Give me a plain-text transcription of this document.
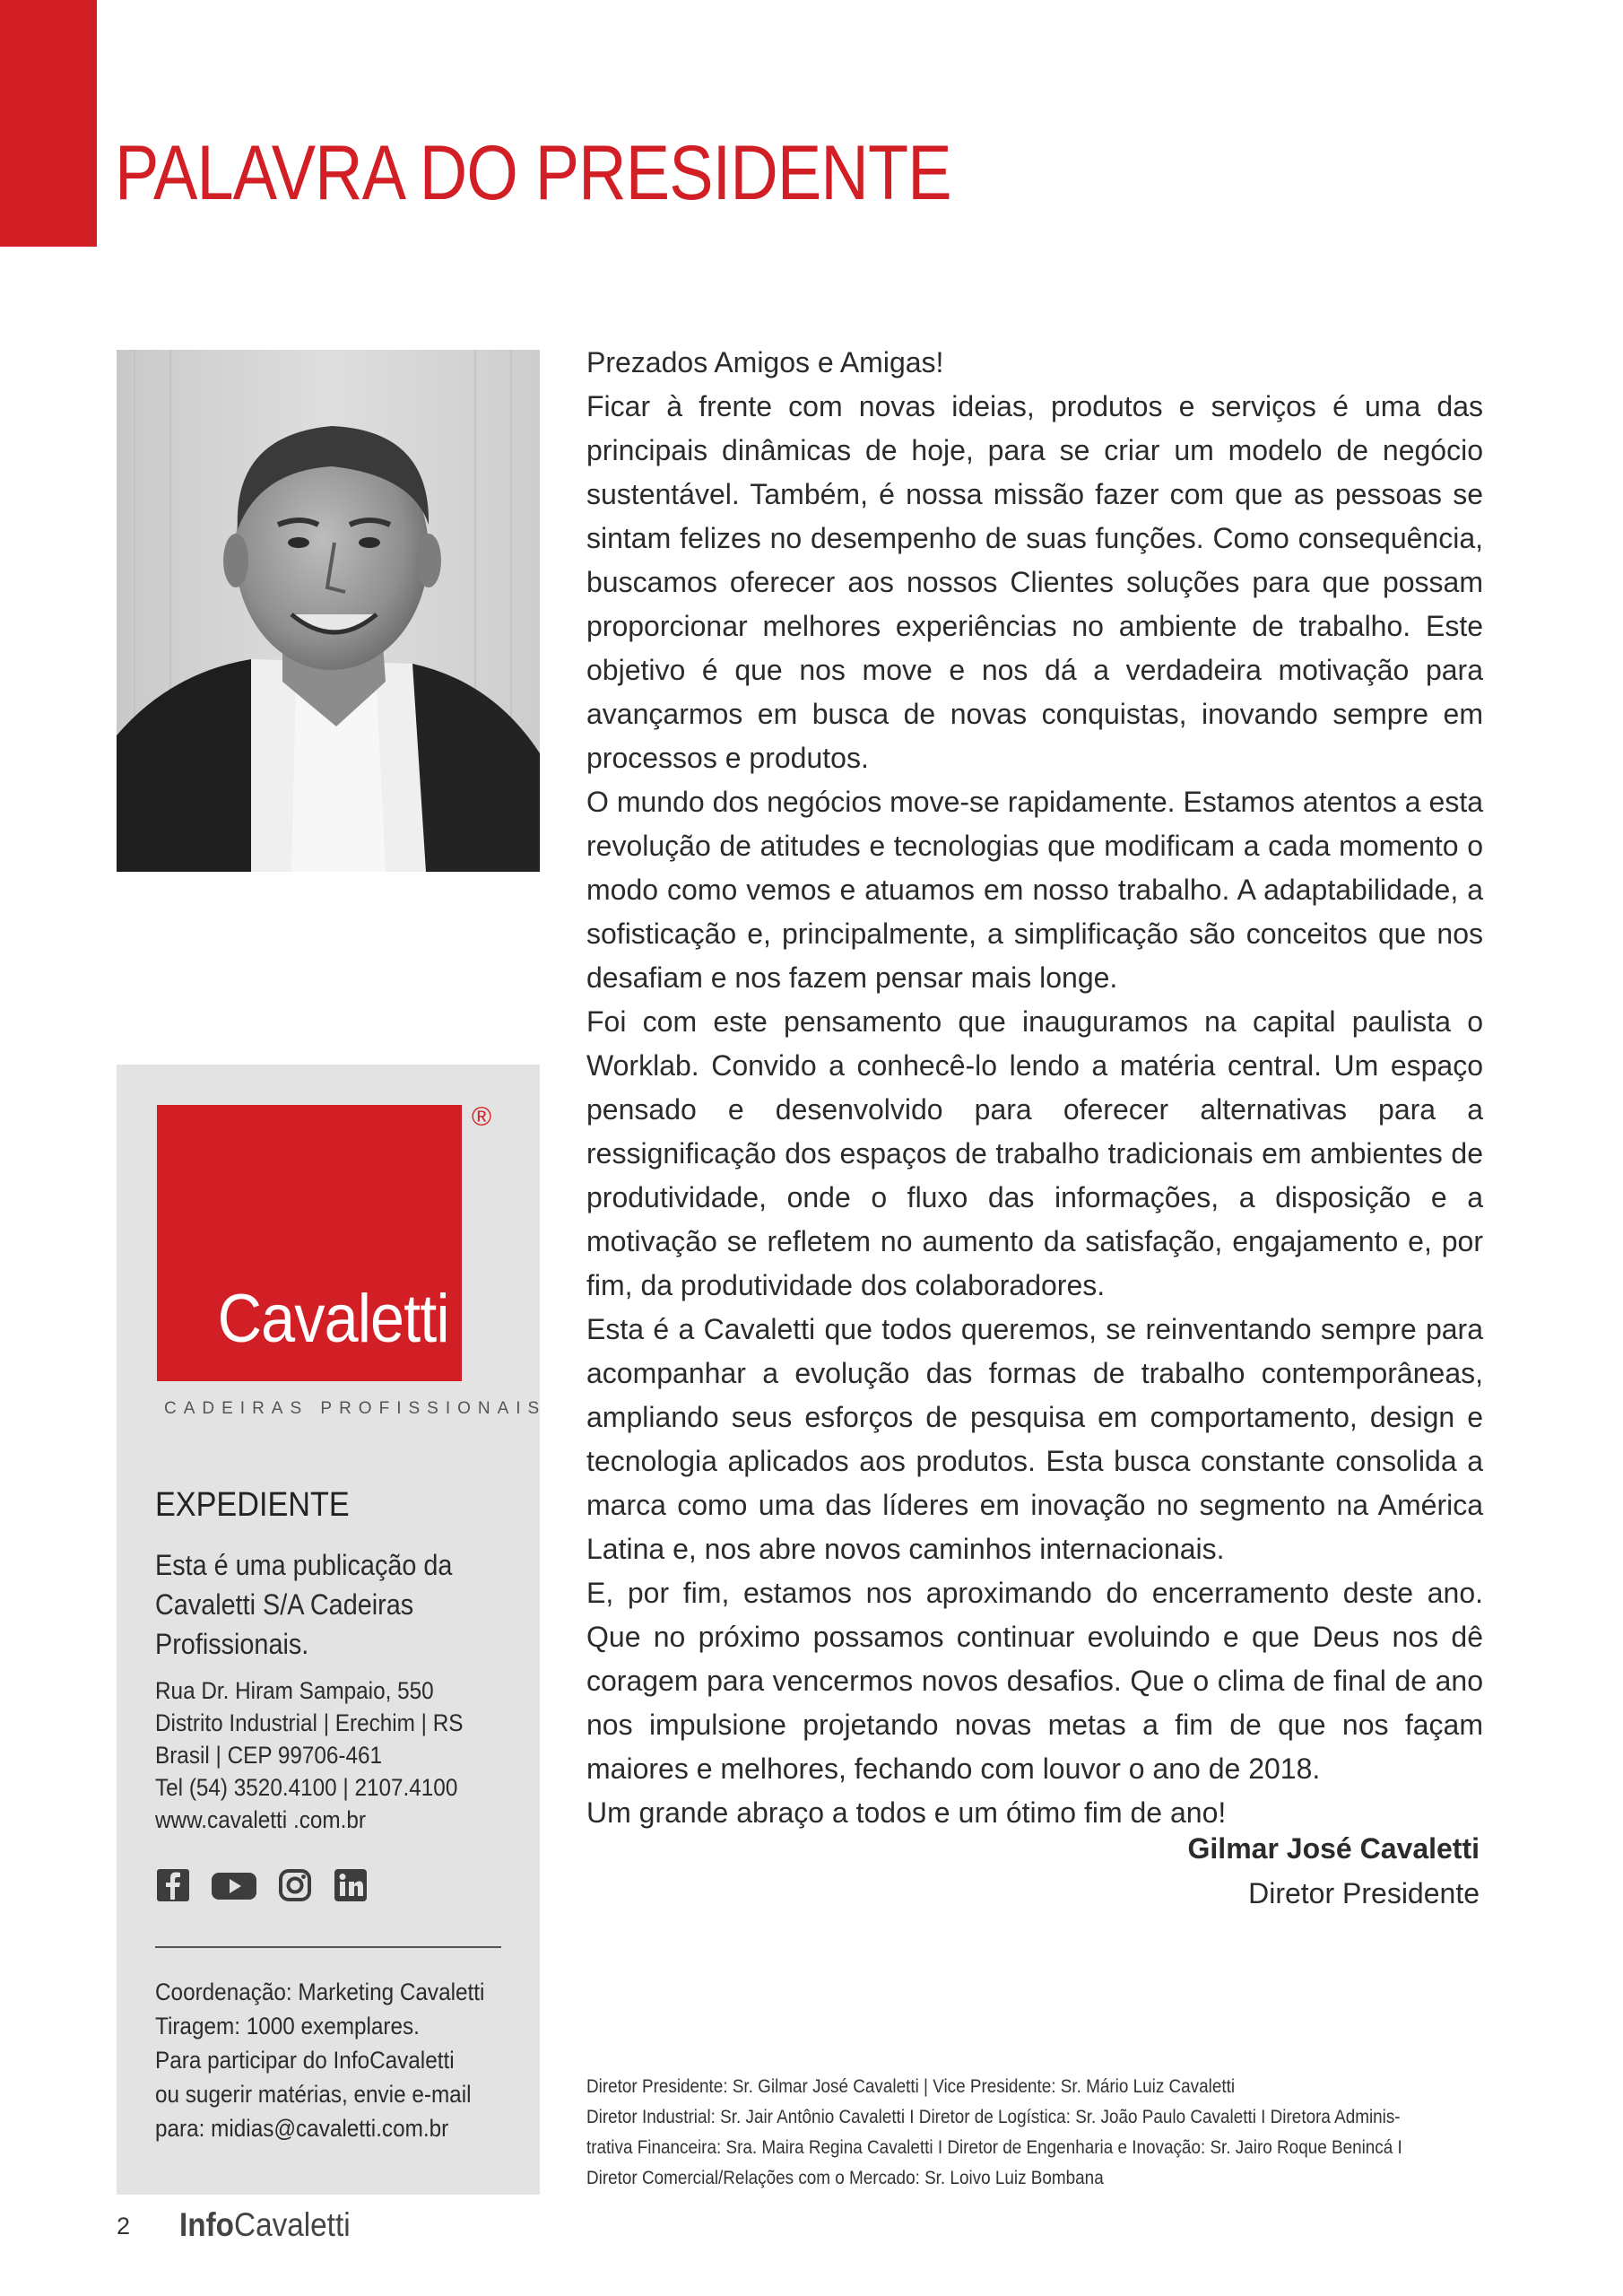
PALAVRA DO PRESIDENTE
Cavaletti
®
CADEIRAS PROFISSIONAIS
EXPEDIENTE
Esta é uma publicação da Cavaletti S/A Cadeiras Profissionais.
Rua Dr. Hiram Sampaio, 550
Distrito Industrial | Erechim | RS
Brasil | CEP 99706-461
Tel (54) 3520.4100 | 2107.4100
www.cavaletti .com.br
Coordenação: Marketing Cavaletti
Tiragem: 1000 exemplares.
Para participar do InfoCavaletti
ou sugerir matérias, envie e-mail
para: midias@cavaletti.com.br
2 InfoCavaletti

Prezados Amigos e Amigas!

Ficar à frente com novas ideias, produtos e serviços é uma das principais dinâmicas de hoje, para se criar um modelo de negócio sustentável. Também, é nossa missão fazer com que as pessoas se sintam felizes no desempenho de suas funções. Como consequência, buscamos oferecer aos nossos Clientes soluções para que possam proporcionar melhores experiências no ambiente de trabalho. Este objetivo é que nos move e nos dá a verdadeira motivação para avançarmos em busca de novas conquistas, inovando sempre em processos e produtos.

O mundo dos negócios move-se rapidamente. Estamos atentos a esta revolução de atitudes e tecnologias que modificam a cada momento o modo como vemos e atuamos em nosso trabalho. A adaptabilidade, a sofisticação e, principalmente, a simplificação são conceitos que nos desafiam e nos fazem pensar mais longe.

Foi com este pensamento que inauguramos na capital paulista o Worklab. Convido a conhecê-lo lendo a matéria central. Um espaço pensado e desenvolvido para oferecer alternativas para a ressignificação dos espaços de trabalho tradicionais em ambientes de produtividade, onde o fluxo das informações, a disposição e a motivação se refletem no aumento da satisfação, engajamento e, por fim, da produtividade dos colaboradores.

Esta é a Cavaletti que todos queremos, se reinventando sempre para acompanhar a evolução das formas de trabalho contemporâneas, ampliando seus esforços de pesquisa em comportamento, design e tecnologia aplicados aos produtos. Esta busca constante consolida a marca como uma das líderes em inovação no segmento na América Latina e, nos abre novos caminhos internacionais.

E, por fim, estamos nos aproximando do encerramento deste ano. Que no próximo possamos continuar evoluindo e que Deus nos dê coragem para vencermos novos desafios. Que o clima de final de ano nos impulsione projetando novas metas a fim de que nos façam maiores e melhores, fechando com louvor o ano de 2018.

Um grande abraço a todos e um ótimo fim de ano!

Gilmar José Cavaletti
Diretor Presidente
Diretor Presidente: Sr. Gilmar José Cavaletti | Vice Presidente: Sr. Mário Luiz Cavaletti
Diretor Industrial: Sr. Jair Antônio Cavaletti I Diretor de Logística: Sr. João Paulo Cavaletti I Diretora Adminis-
trativa Financeira: Sra. Maira Regina Cavaletti I Diretor de Engenharia e Inovação: Sr. Jairo Roque Benincá I
Diretor Comercial/Relações com o Mercado: Sr. Loivo Luiz Bombana
